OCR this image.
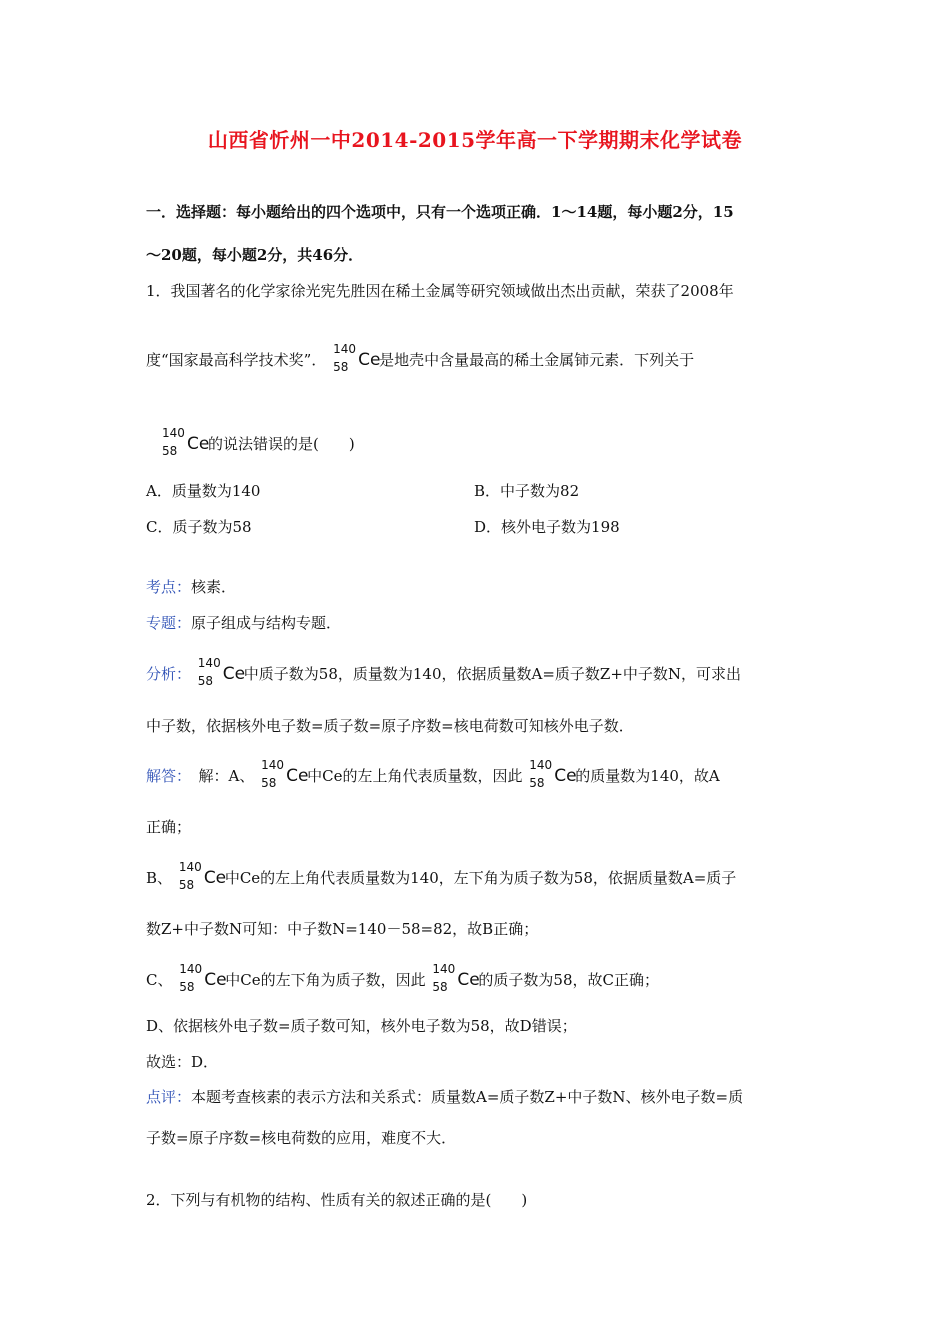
山西省忻州一中2014-2015学年高一下学期期末化学试卷
一．选择题：每小题给出的四个选项中，只有一个选项正确．1～14题，每小题2分，15
～20题，每小题2分，共46分．
1．我国著名的化学家徐光宪先胜因在稀土金属等研究领域做出杰出贡献，荣获了2008年
度“国家最高科学技术奖”．
140
58 Ce
是地壳中含量最高的稀土金属铈元素．下列关于
140
58 Ce
的说法错误的是(　　)
A．质量数为140	B．中子数为82
C．质子数为58	D．核外电子数为198
考点：核素．
专题：原子组成与结构专题．
分析：
140
58 Ce
中质子数为58，质量数为140，依据质量数A=质子数Z+中子数N，可求出
中子数，依据核外电子数=质子数=原子序数=核电荷数可知核外电子数．
解答：　解：A、
140
58 Ce
中Ce的左上角代表质量数，因此
140
58 Ce
的质量数为140，故A
正确；
B、
140
58 Ce
中Ce的左上角代表质量数为140，左下角为质子数为58，依据质量数A=质子
数Z+中子数N可知：中子数N=140－58=82，故B正确；
C、
140
58 Ce
中Ce的左下角为质子数，因此
140
58 Ce
的质子数为58，故C正确；
D、依据核外电子数=质子数可知，核外电子数为58，故D错误；
故选：D．
点评：本题考查核素的表示方法和关系式：质量数A=质子数Z+中子数N、核外电子数=质
子数=原子序数=核电荷数的应用，难度不大．
2．下列与有机物的结构、性质有关的叙述正确的是(　　)
